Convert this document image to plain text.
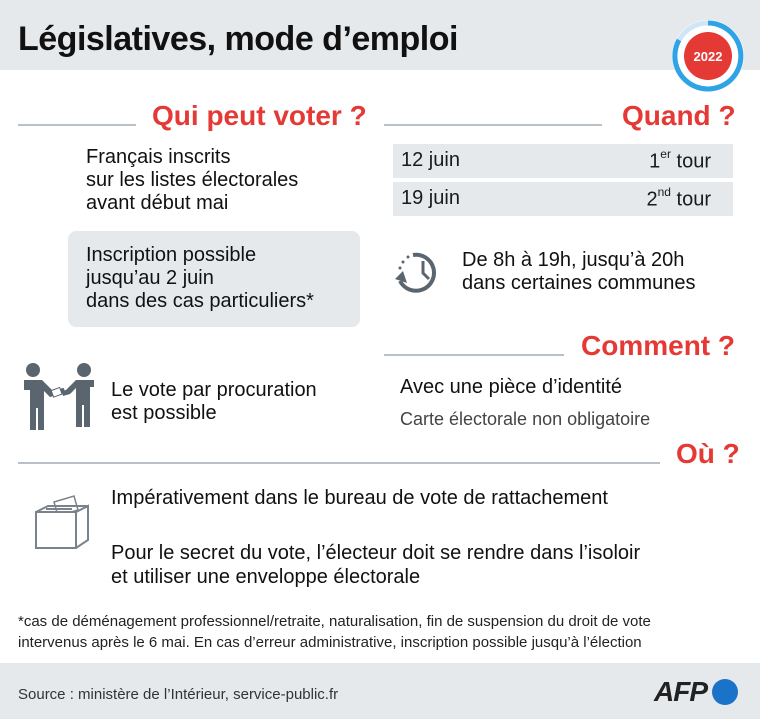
Législatives, mode d’emploi	2022
Qui peut voter ?
Français inscrits
sur les listes électorales
avant début mai
Inscription possible
jusqu’au 2 juin
dans des cas particuliers*
Le vote par procuration
est possible
Quand ?
12 juin	1er tour
19 juin	2nd tour
De 8h à 19h, jusqu’à 20h
dans certaines communes
Comment ?
Avec une pièce d’identité
Carte électorale non obligatoire
Où ?
Impérativement dans le bureau de vote de rattachement
Pour le secret du vote, l’électeur doit se rendre dans l’isoloir
et utiliser une enveloppe électorale
*cas de déménagement professionnel/retraite, naturalisation, fin de suspension du droit de vote
intervenus après le 6 mai. En cas d’erreur administrative, inscription possible jusqu’à l’élection
Source : ministère de l’Intérieur, service-public.fr	AFP
